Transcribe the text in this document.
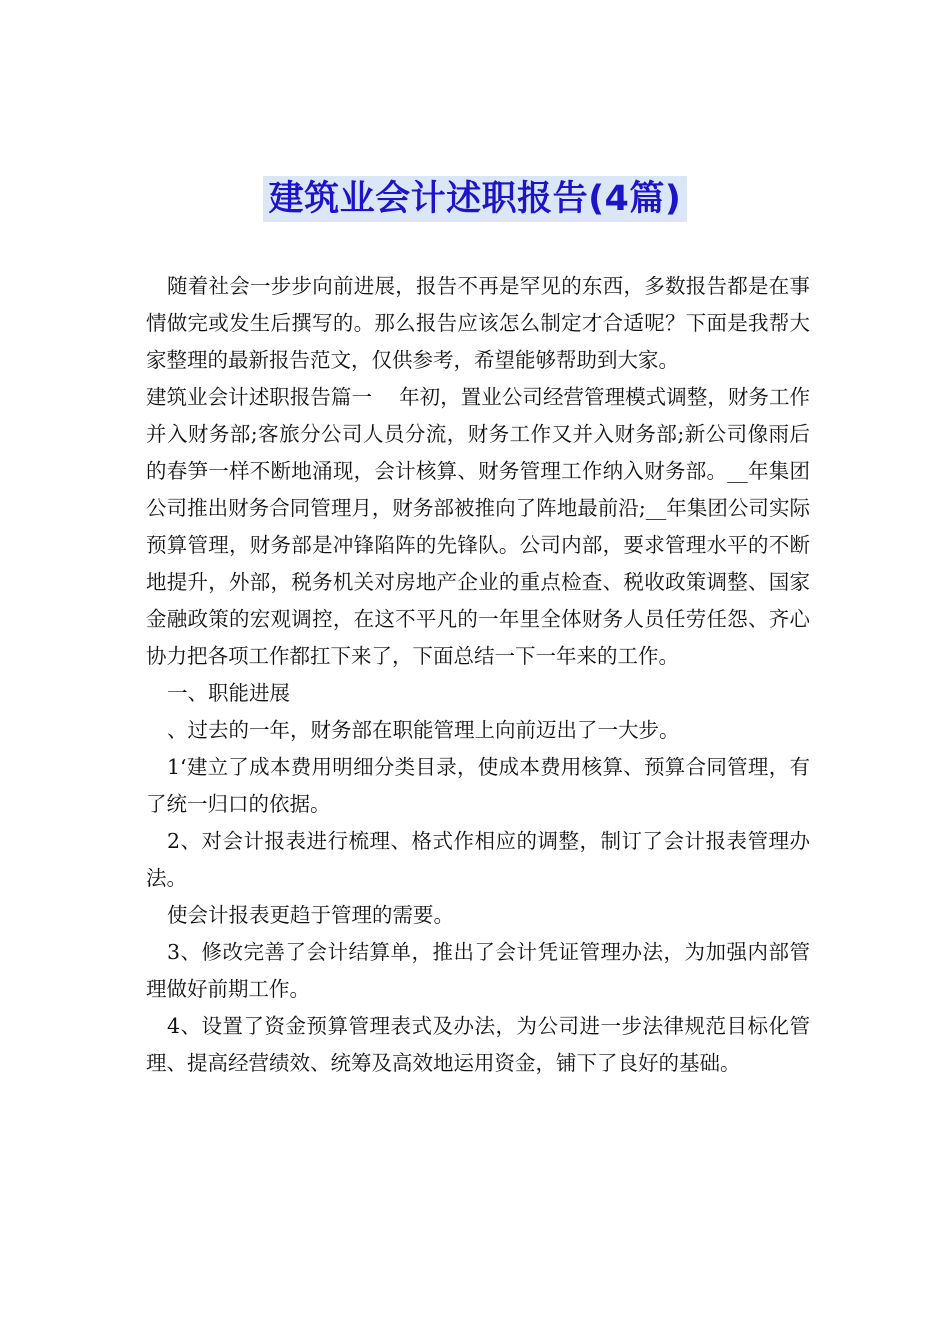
建筑业会计述职报告(4篇)

随着社会一步步向前进展，报告不再是罕见的东西，多数报告都是在事情做完或发生后撰写的。那么报告应该怎么制定才合适呢？下面是我帮大家整理的最新报告范文，仅供参考，希望能够帮助到大家。

建筑业会计述职报告篇一　 年初，置业公司经营管理模式调整，财务工作并入财务部;客旅分公司人员分流，财务工作又并入财务部;新公司像雨后的春笋一样不断地涌现，会计核算、财务管理工作纳入财务部。__年集团公司推出财务合同管理月，财务部被推向了阵地最前沿;__年集团公司实际预算管理，财务部是冲锋陷阵的先锋队。公司内部，要求管理水平的不断地提升，外部，税务机关对房地产企业的重点检查、税收政策调整、国家金融政策的宏观调控，在这不平凡的一年里全体财务人员任劳任怨、齐心协力把各项工作都扛下来了，下面总结一下一年来的工作。

一、职能进展

、过去的一年，财务部在职能管理上向前迈出了一大步。

1‘建立了成本费用明细分类目录，使成本费用核算、预算合同管理，有了统一归口的依据。

2、对会计报表进行梳理、格式作相应的调整，制订了会计报表管理办法。

使会计报表更趋于管理的需要。

3、修改完善了会计结算单，推出了会计凭证管理办法，为加强内部管理做好前期工作。

4、设置了资金预算管理表式及办法，为公司进一步法律规范目标化管理、提高经营绩效、统筹及高效地运用资金，铺下了良好的基础。
